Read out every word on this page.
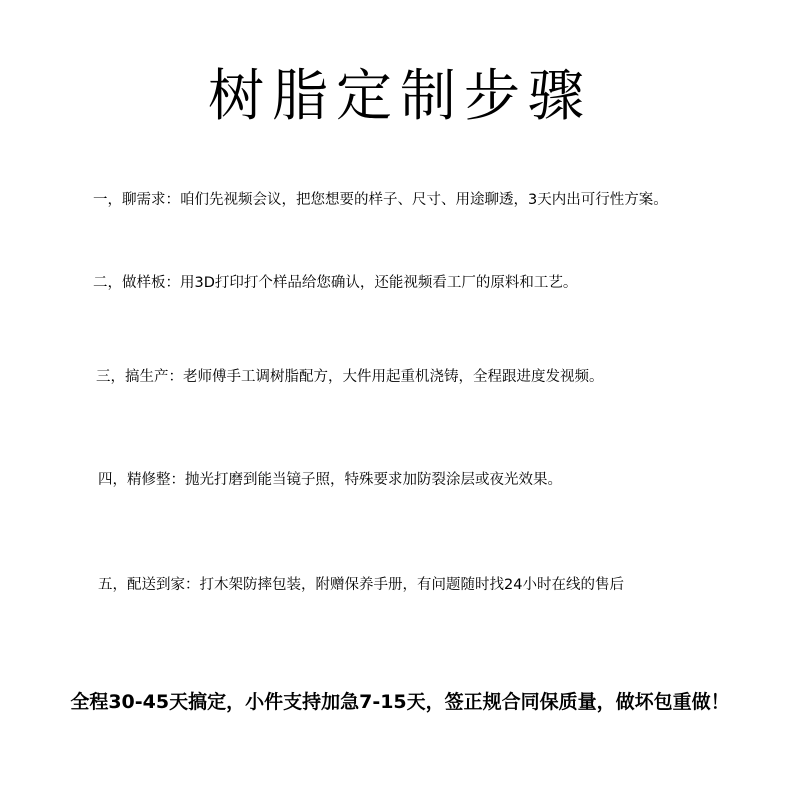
树脂定制步骤
一，聊需求：咱们先视频会议，把您想要的样子、尺寸、用途聊透，3天内出可行性方案。
二，做样板：用3D打印打个样品给您确认，还能视频看工厂的原料和工艺。
三，搞生产：老师傅手工调树脂配方，大件用起重机浇铸，全程跟进度发视频。
四，精修整：抛光打磨到能当镜子照，特殊要求加防裂涂层或夜光效果。
五，配送到家：打木架防摔包装，附赠保养手册，有问题随时找24小时在线的售后
全程30-45天搞定，小件支持加急7-15天，签正规合同保质量，做坏包重做！
